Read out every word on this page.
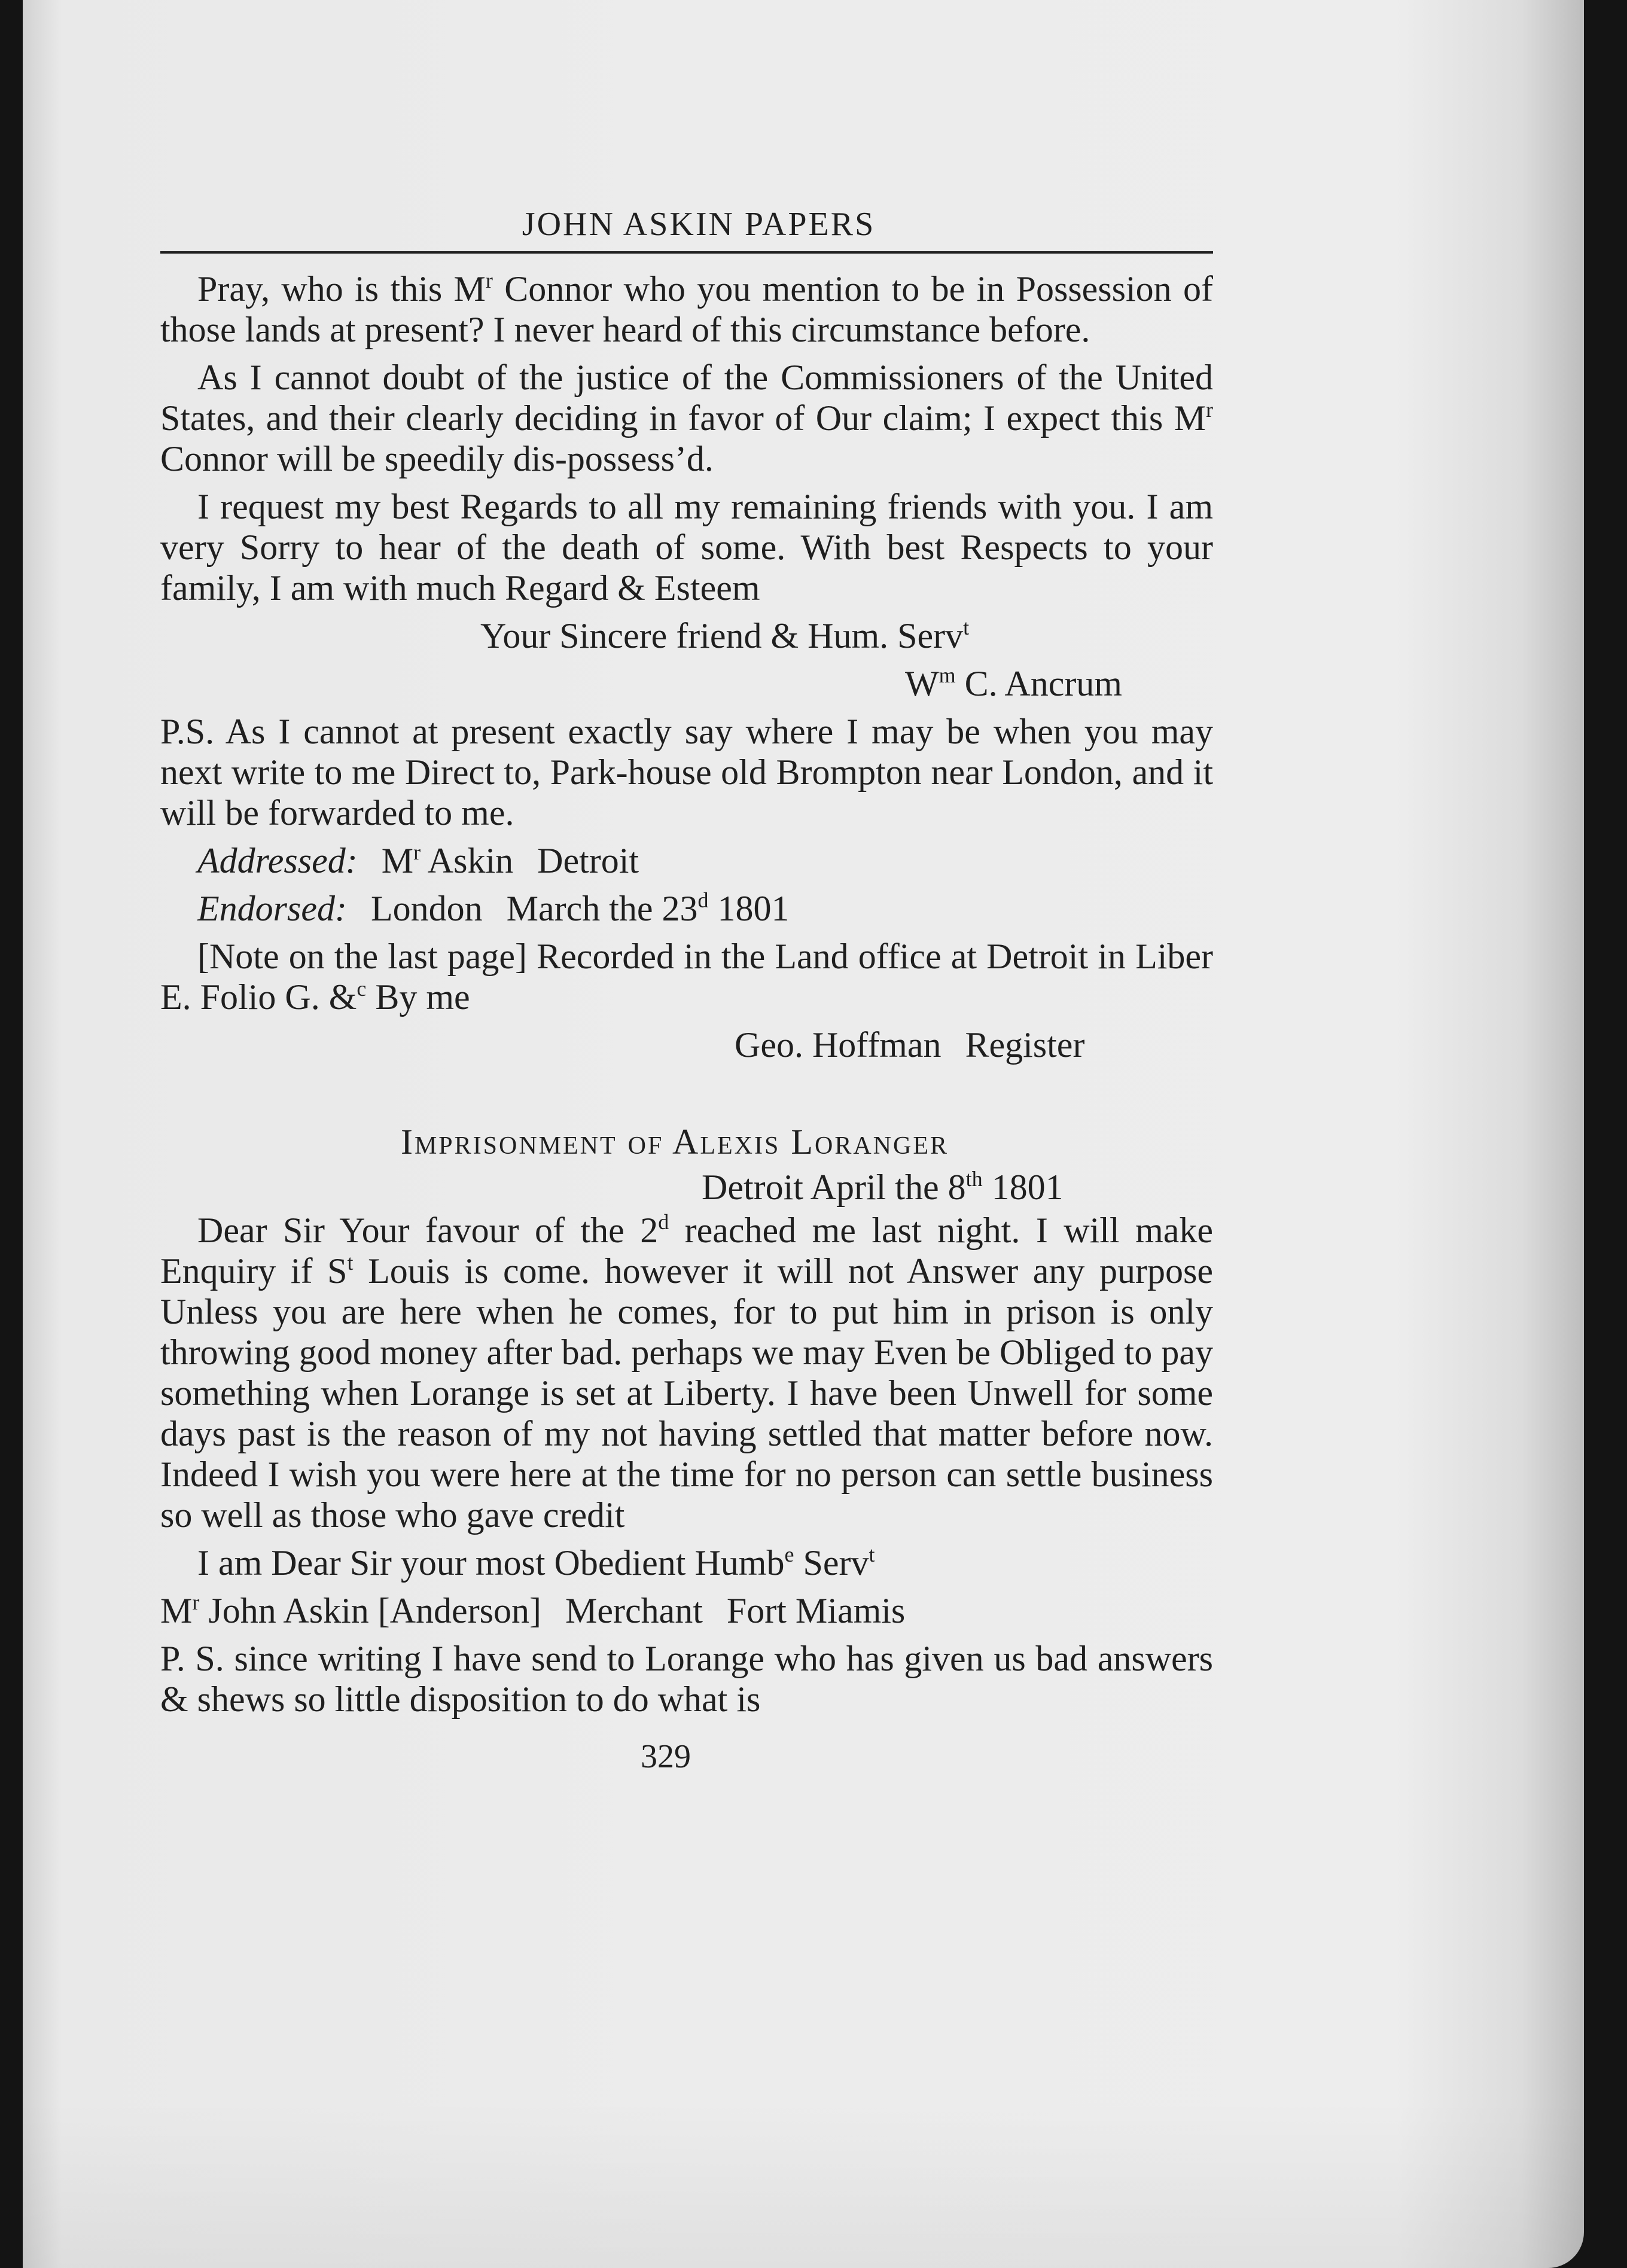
JOHN ASKIN PAPERS

Pray, who is this $M^r$ Connor who you mention to be in Possession of those lands at present? I never heard of this circumstance before.

As I cannot doubt of the justice of the Commissioners of the United States, and their clearly deciding in favor of Our claim; I expect this $M^r$ Connor will be speedily dis-possess’d.

I request my best Regards to all my remaining friends with you. I am very Sorry to hear of the death of some. With best Respects to your family, I am with much Regard & Esteem

Your Sincere friend & Hum. Serv$^t$

$W^m$ C. Ancrum

P.S. As I cannot at present exactly say where I may be when you may next write to me Direct to, Park-house old Brompton near London, and it will be forwarded to me.

Addressed: $M^r$ Askin Detroit

Endorsed: London March the 23$^d$ 1801

[Note on the last page] Recorded in the Land office at Detroit in Liber E. Folio G. &$^c$ By me

Geo. Hoffman Register

Imprisonment of Alexis Loranger

Detroit April the 8th 1801

Dear Sir Your favour of the 2$^d$ reached me last night. I will make Enquiry if $S^t$ Louis is come. however it will not Answer any purpose Unless you are here when he comes, for to put him in prison is only throwing good money after bad. perhaps we may Even be Obliged to pay something when Lorange is set at Liberty. I have been Unwell for some days past is the reason of my not having settled that matter before now. Indeed I wish you were here at the time for no person can settle business so well as those who gave credit

I am Dear Sir your most Obedient Humb$^e$ Serv$^t$

$M^r$ John Askin [Anderson] Merchant Fort Miamis

P. S. since writing I have send to Lorange who has given us bad answers & shews so little disposition to do what is

329
